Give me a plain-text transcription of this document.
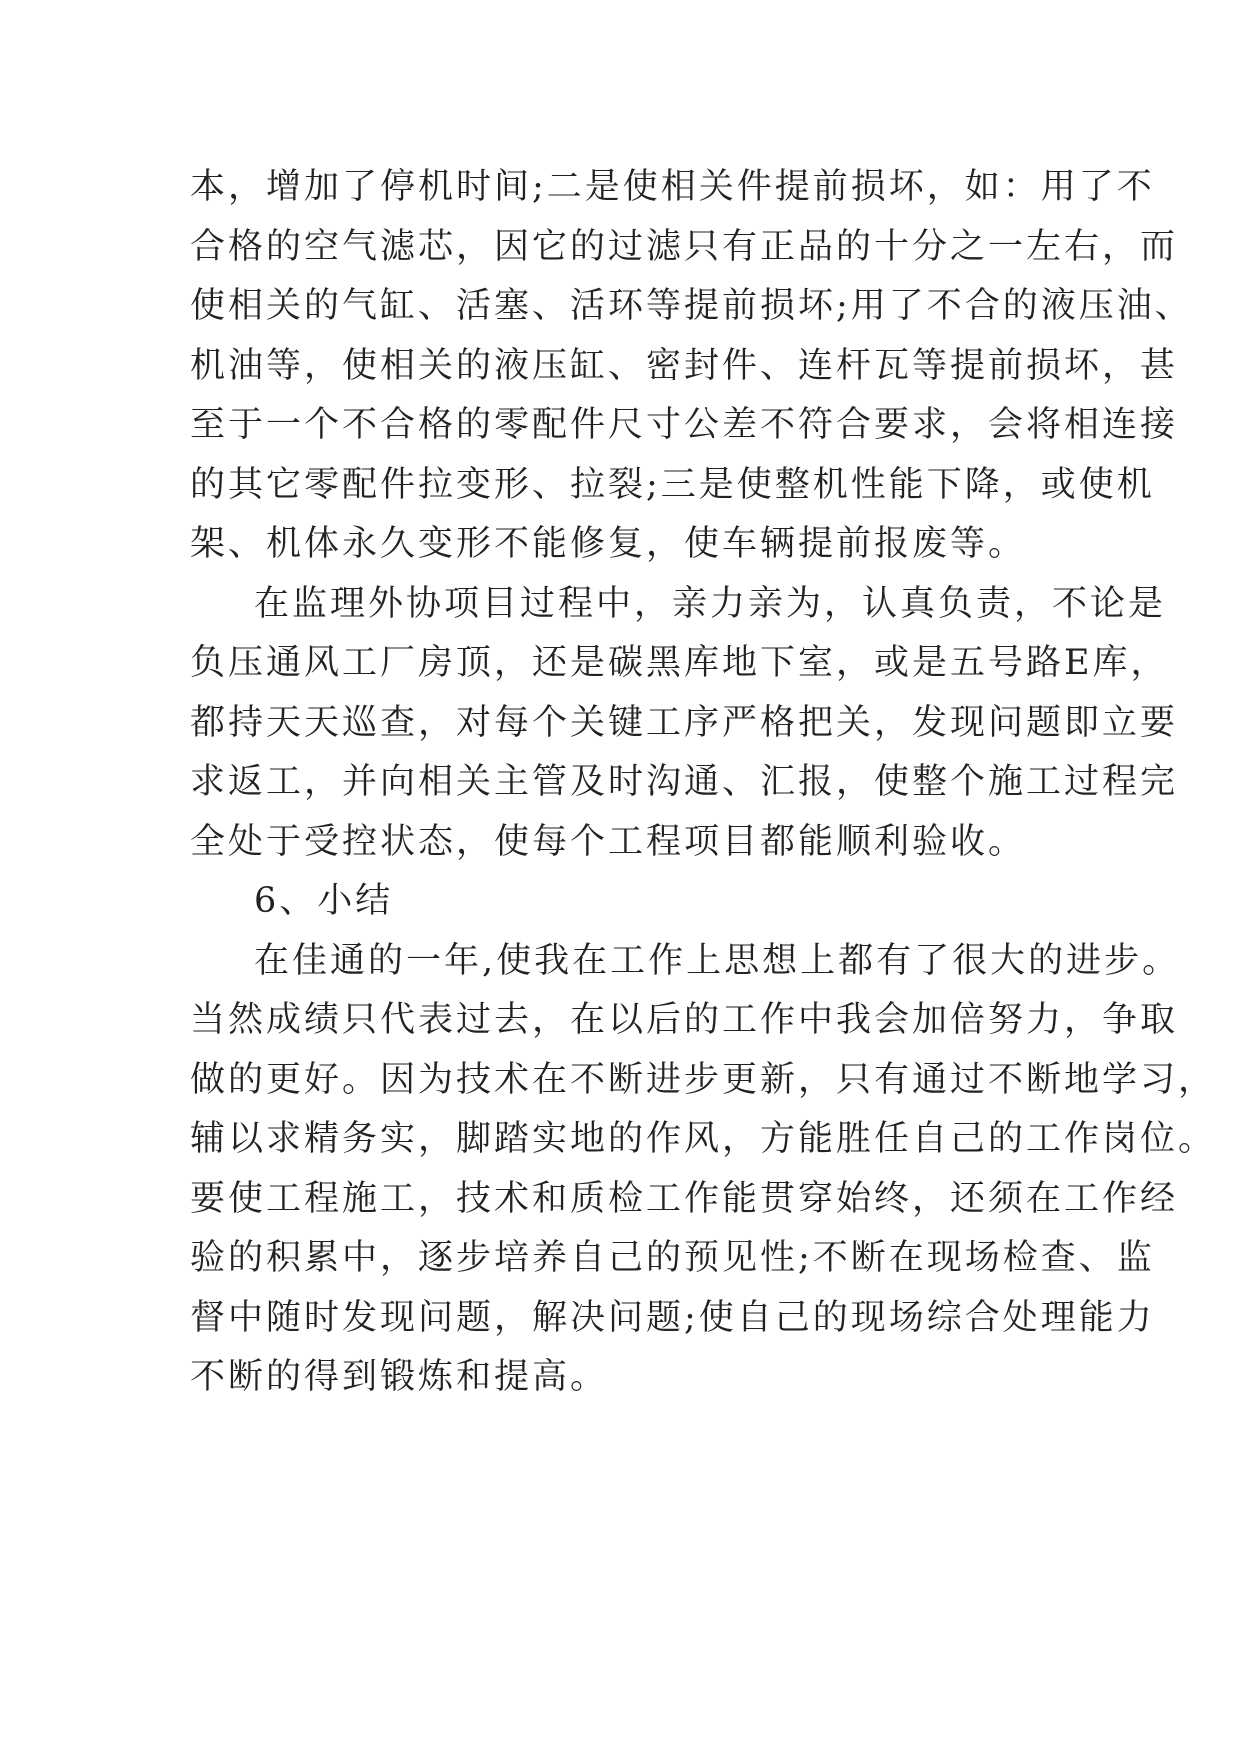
本，增加了停机时间;二是使相关件提前损坏，如：用了不
合格的空气滤芯，因它的过滤只有正品的十分之一左右，而
使相关的气缸、活塞、活环等提前损坏;用了不合的液压油、
机油等，使相关的液压缸、密封件、连杆瓦等提前损坏，甚
至于一个不合格的零配件尺寸公差不符合要求，会将相连接
的其它零配件拉变形、拉裂;三是使整机性能下降，或使机
架、机体永久变形不能修复，使车辆提前报废等。
在监理外协项目过程中，亲力亲为，认真负责，不论是
负压通风工厂房顶，还是碳黑库地下室，或是五号路E库，
都持天天巡查，对每个关键工序严格把关，发现问题即立要
求返工，并向相关主管及时沟通、汇报，使整个施工过程完
全处于受控状态，使每个工程项目都能顺利验收。
6、小结
在佳通的一年,使我在工作上思想上都有了很大的进步。
当然成绩只代表过去，在以后的工作中我会加倍努力，争取
做的更好。因为技术在不断进步更新，只有通过不断地学习，
辅以求精务实，脚踏实地的作风，方能胜任自己的工作岗位。
要使工程施工，技术和质检工作能贯穿始终，还须在工作经
验的积累中，逐步培养自己的预见性;不断在现场检查、监
督中随时发现问题，解决问题;使自己的现场综合处理能力
不断的得到锻炼和提高。
